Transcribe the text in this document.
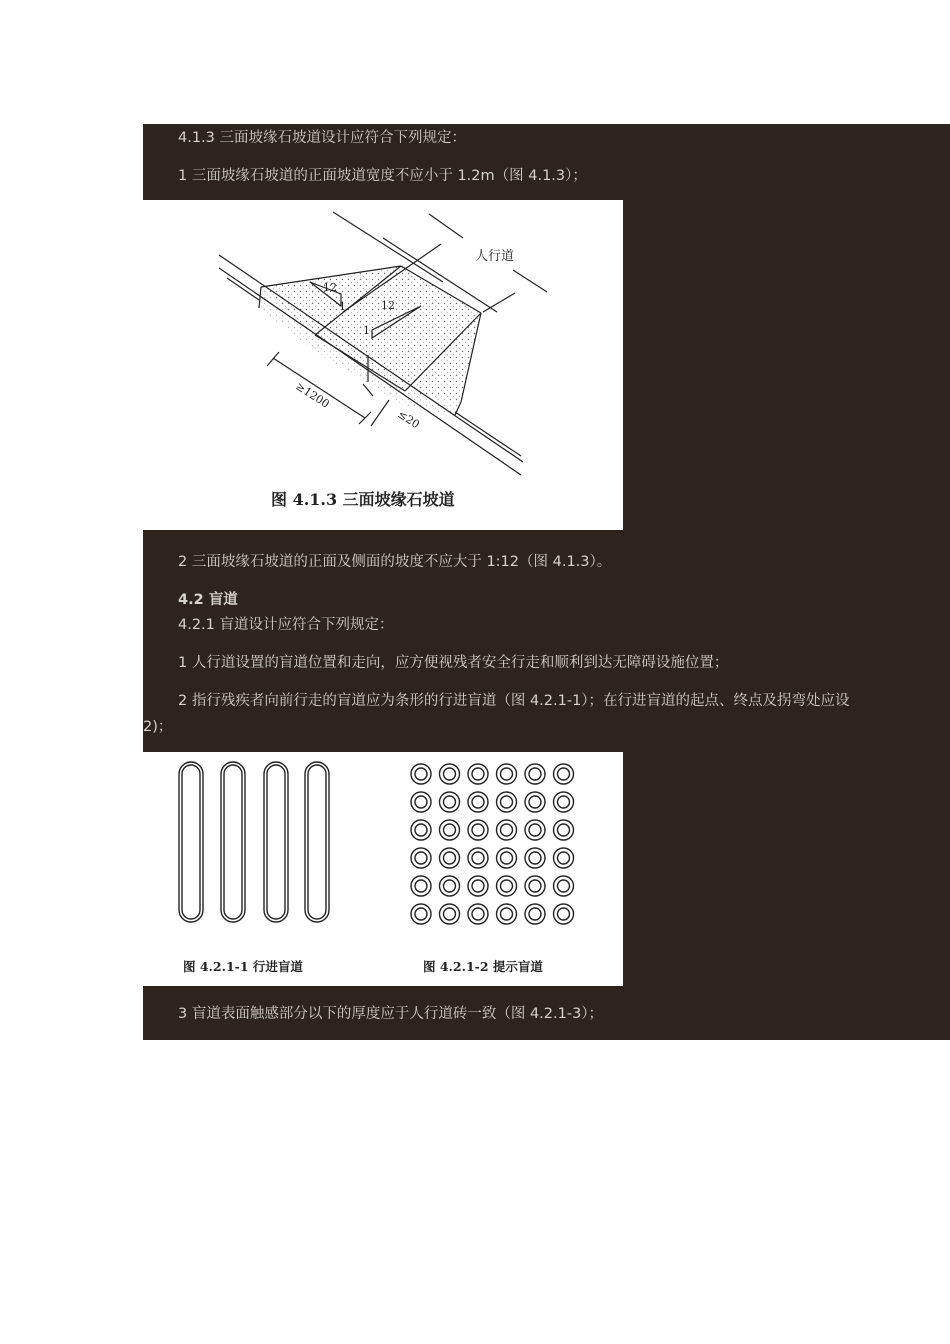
4.1.3 三面坡缘石坡道设计应符合下列规定：
1 三面坡缘石坡道的正面坡道宽度不应小于 1.2m（图 4.1.3）；
人行道
12
1	12
1
≥1200
≤20
图 4.1.3 三面坡缘石坡道
2 三面坡缘石坡道的正面及侧面的坡度不应大于 1:12（图 4.1.3）。
4.2 盲道
4.2.1 盲道设计应符合下列规定：
1 人行道设置的盲道位置和走向，应方便视残者安全行走和顺利到达无障碍设施位置；
2 指行残疾者向前行走的盲道应为条形的行进盲道（图 4.2.1-1）；在行进盲道的起点、终点及拐弯处应设
2)；
图 4.2.1-1 行进盲道	图 4.2.1-2 提示盲道
3 盲道表面触感部分以下的厚度应于人行道砖一致（图 4.2.1-3）；
